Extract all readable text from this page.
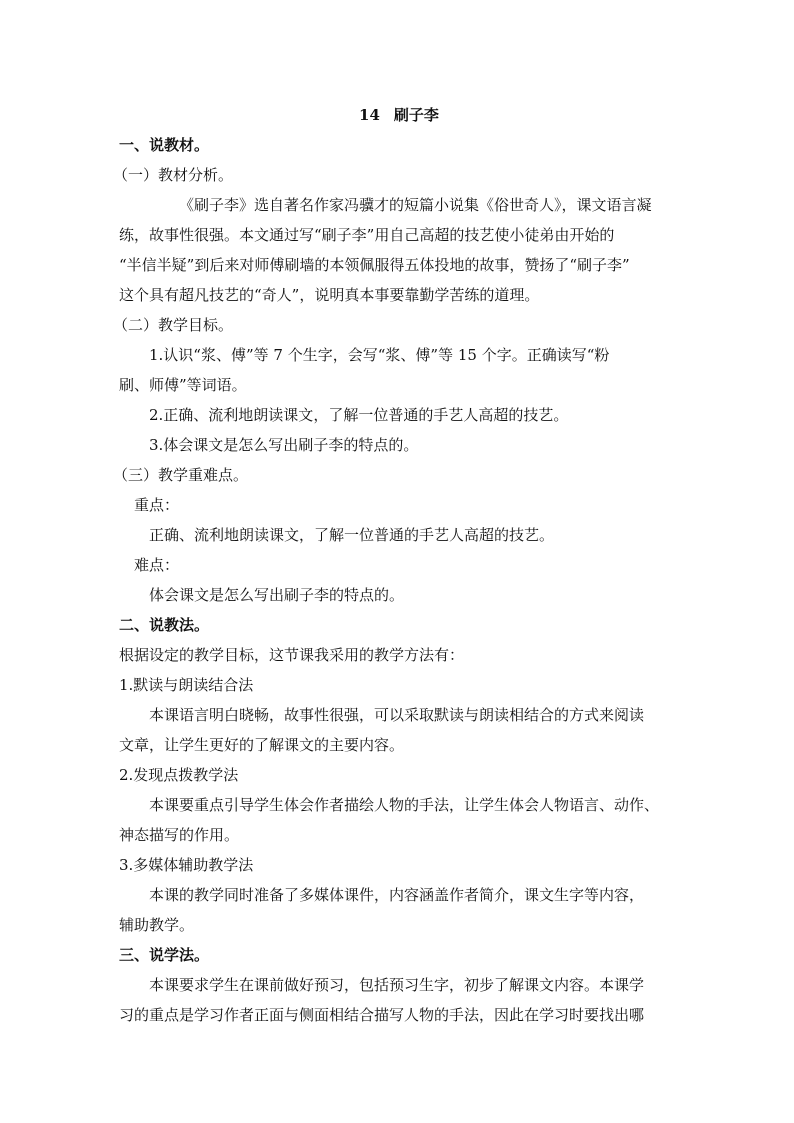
14 刷子李
一、说教材。
（一）教材分析。
《刷子李》选自著名作家冯骥才的短篇小说集《俗世奇人》，课文语言凝
练，故事性很强。本文通过写“刷子李”用自己高超的技艺使小徒弟由开始的
“半信半疑”到后来对师傅刷墙的本领佩服得五体投地的故事，赞扬了“刷子李”
这个具有超凡技艺的“奇人”，说明真本事要靠勤学苦练的道理。
（二）教学目标。
1.认识“浆、傅”等 7 个生字，会写“浆、傅”等 15 个字。正确读写“粉
刷、师傅”等词语。
2.正确、流利地朗读课文，了解一位普通的手艺人高超的技艺。
3.体会课文是怎么写出刷子李的特点的。
（三）教学重难点。
重点：
正确、流利地朗读课文，了解一位普通的手艺人高超的技艺。
难点：
体会课文是怎么写出刷子李的特点的。
二、说教法。
根据设定的教学目标，这节课我采用的教学方法有：
1.默读与朗读结合法
本课语言明白晓畅，故事性很强，可以采取默读与朗读相结合的方式来阅读
文章，让学生更好的了解课文的主要内容。
2.发现点拨教学法
本课要重点引导学生体会作者描绘人物的手法，让学生体会人物语言、动作、
神态描写的作用。
3.多媒体辅助教学法
本课的教学同时准备了多媒体课件，内容涵盖作者简介，课文生字等内容，
辅助教学。
三、说学法。
本课要求学生在课前做好预习，包括预习生字，初步了解课文内容。本课学
习的重点是学习作者正面与侧面相结合描写人物的手法，因此在学习时要找出哪
